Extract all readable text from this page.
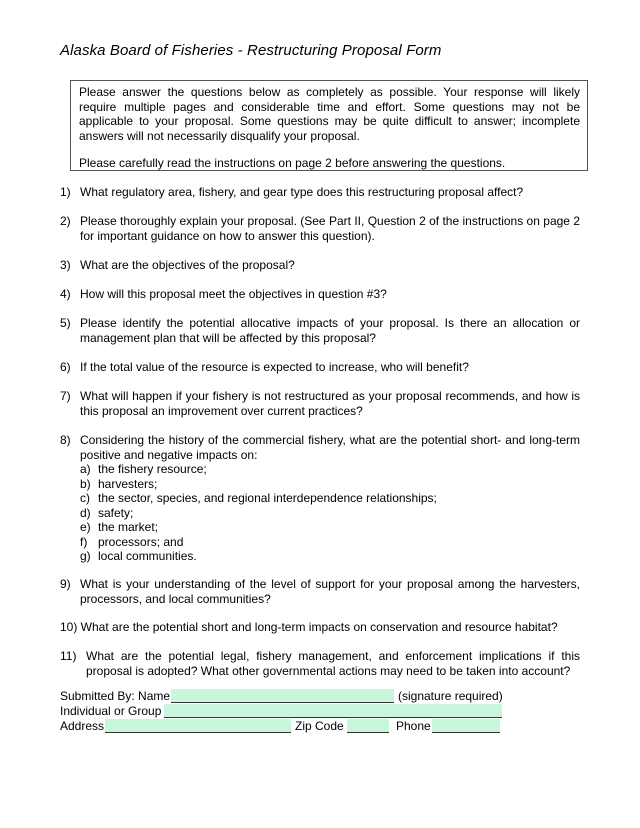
Alaska Board of Fisheries - Restructuring Proposal Form

Please answer the questions below as completely as possible. Your response will likely require multiple pages and considerable time and effort. Some questions may not be applicable to your proposal. Some questions may be quite difficult to answer; incomplete answers will not necessarily disqualify your proposal.

Please carefully read the instructions on page 2 before answering the questions.

1) What regulatory area, fishery, and gear type does this restructuring proposal affect?
2) Please thoroughly explain your proposal. (See Part II, Question 2 of the instructions on page 2 for important guidance on how to answer this question).
3) What are the objectives of the proposal?
4) How will this proposal meet the objectives in question #3?
5) Please identify the potential allocative impacts of your proposal. Is there an allocation or management plan that will be affected by this proposal?
6) If the total value of the resource is expected to increase, who will benefit?
7) What will happen if your fishery is not restructured as your proposal recommends, and how is this proposal an improvement over current practices?
8) Considering the history of the commercial fishery, what are the potential short- and long-term positive and negative impacts on:
a) the fishery resource;
b) harvesters;
c) the sector, species, and regional interdependence relationships;
d) safety;
e) the market;
f) processors; and
g) local communities.
9) What is your understanding of the level of support for your proposal among the harvesters, processors, and local communities?
10) What are the potential short and long-term impacts on conservation and resource habitat?
11) What are the potential legal, fishery management, and enforcement implications if this proposal is adopted? What other governmental actions may need to be taken into account?
Submitted By: Name	(signature required)
Individual or Group
Address	Zip Code	Phone
